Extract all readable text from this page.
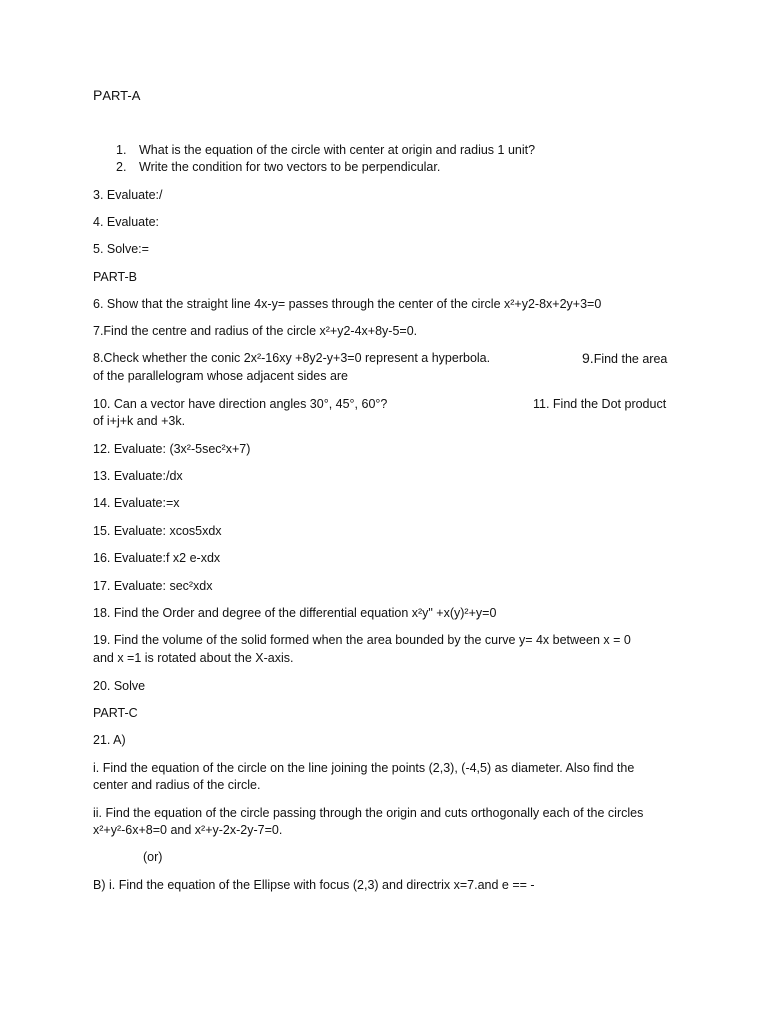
PART-A
1. What is the equation of the circle with center at origin and radius 1 unit?
2. Write the condition for two vectors to be perpendicular.
3. Evaluate:/
4. Evaluate:
5. Solve:=
PART-B
6. Show that the straight line 4x-y= passes through the center of the circle x²+y2-8x+2y+3=0
7.Find the centre and radius of the circle x²+y2-4x+8y-5=0.
8.Check whether the conic 2x²-16xy +8y2-y+3=0 represent a hyperbola.	9.Find the area
of the parallelogram whose adjacent sides are
10. Can a vector have direction angles 30°, 45°, 60°?	11. Find the Dot product
of i+j+k and +3k.
12. Evaluate: (3x²-5sec²x+7)
13. Evaluate:/dx
14. Evaluate:=x
15. Evaluate: xcos5xdx
16. Evaluate:f x2 e-xdx
17. Evaluate: sec²xdx
18. Find the Order and degree of the differential equation x²y" +x(y)²+y=0
19. Find the volume of the solid formed when the area bounded by the curve y= 4x between x = 0
and x =1 is rotated about the X-axis.
20. Solve
PART-C
21. A)
i. Find the equation of the circle on the line joining the points (2,3), (-4,5) as diameter. Also find the
center and radius of the circle.
ii. Find the equation of the circle passing through the origin and cuts orthogonally each of the circles
x²+y²-6x+8=0 and x²+y-2x-2y-7=0.
(or)
B) i. Find the equation of the Ellipse with focus (2,3) and directrix x=7.and e == -
